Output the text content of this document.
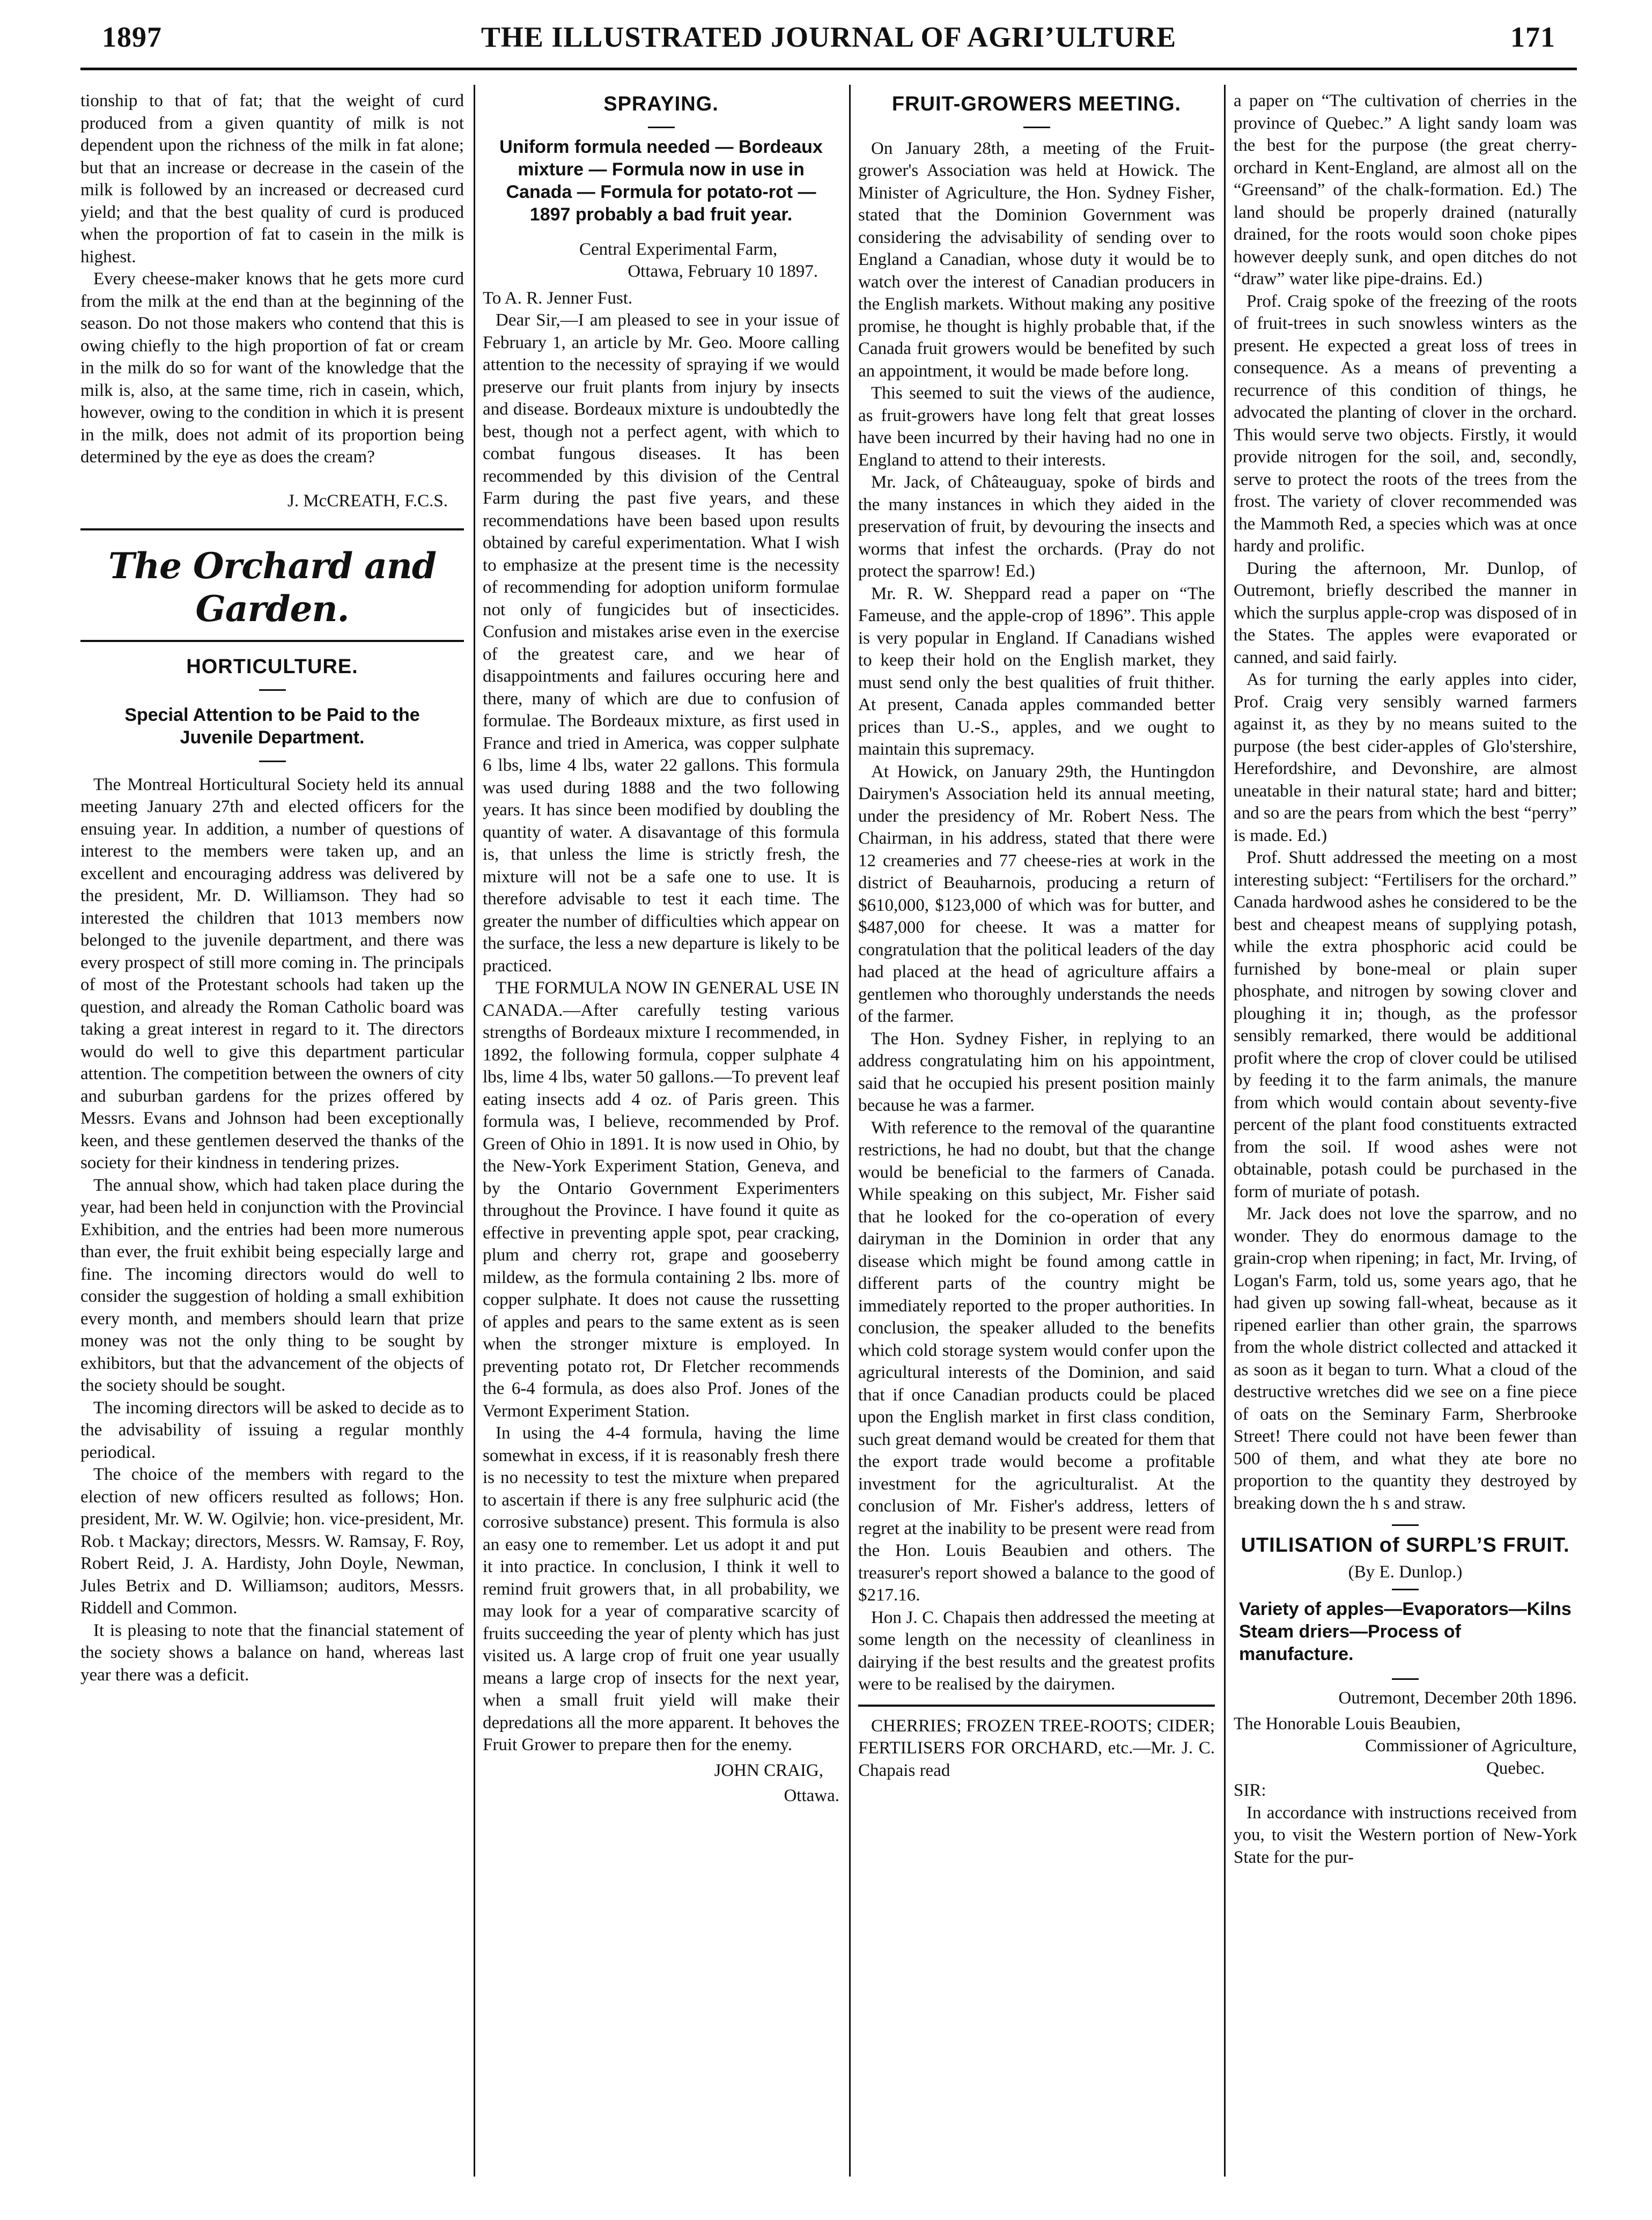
1897	THE ILLUSTRATED JOURNAL OF AGRI’ULTURE	171

tionship to that of fat; that the weight of curd produced from a given quantity of milk is not dependent upon the richness of the milk in fat alone; but that an increase or decrease in the casein of the milk is followed by an increased or decreased curd yield; and that the best quality of curd is produced when the proportion of fat to casein in the milk is highest.

Every cheese-maker knows that he gets more curd from the milk at the end than at the beginning of the season. Do not those makers who contend that this is owing chiefly to the high proportion of fat or cream in the milk do so for want of the knowledge that the milk is, also, at the same time, rich in casein, which, however, owing to the condition in which it is present in the milk, does not admit of its proportion being determined by the eye as does the cream?

J. McCREATH, F.C.S.

The Orchard and Garden.
HORTICULTURE.
Special Attention to be Paid to the Juvenile Department.

The Montreal Horticultural Society held its annual meeting January 27th and elected officers for the ensuing year. In addition, a number of questions of interest to the members were taken up, and an excellent and encouraging address was delivered by the president, Mr. D. Williamson. They had so interested the children that 1013 members now belonged to the juvenile department, and there was every prospect of still more coming in. The principals of most of the Protestant schools had taken up the question, and already the Roman Catholic board was taking a great interest in regard to it. The directors would do well to give this department particular attention. The competition between the owners of city and suburban gardens for the prizes offered by Messrs. Evans and Johnson had been exceptionally keen, and these gentlemen deserved the thanks of the society for their kindness in tendering prizes.

The annual show, which had taken place during the year, had been held in conjunction with the Provincial Exhibition, and the entries had been more numerous than ever, the fruit exhibit being especially large and fine. The incoming directors would do well to consider the suggestion of holding a small exhibition every month, and members should learn that prize money was not the only thing to be sought by exhibitors, but that the advancement of the objects of the society should be sought.

The incoming directors will be asked to decide as to the advisability of issuing a regular monthly periodical.

The choice of the members with regard to the election of new officers resulted as follows; Hon. president, Mr. W. W. Ogilvie; hon. vice-president, Mr. Rob. t Mackay; directors, Messrs. W. Ramsay, F. Roy, Robert Reid, J. A. Hardisty, John Doyle, Newman, Jules Betrix and D. Williamson; auditors, Messrs. Riddell and Common.

It is pleasing to note that the financial statement of the society shows a balance on hand, whereas last year there was a deficit.

SPRAYING.
Uniform formula needed — Bordeaux mixture — Formula now in use in Canada — Formula for potato-rot — 1897 probably a bad fruit year.

Central Experimental Farm,

Ottawa, February 10 1897.

To A. R. Jenner Fust.

Dear Sir,—I am pleased to see in your issue of February 1, an article by Mr. Geo. Moore calling attention to the necessity of spraying if we would preserve our fruit plants from injury by insects and disease. Bordeaux mixture is undoubtedly the best, though not a perfect agent, with which to combat fungous diseases. It has been recommended by this division of the Central Farm during the past five years, and these recommendations have been based upon results obtained by careful experimentation. What I wish to emphasize at the present time is the necessity of recommending for adoption uniform formulae not only of fungicides but of insecticides. Confusion and mistakes arise even in the exercise of the greatest care, and we hear of disappointments and failures occuring here and there, many of which are due to confusion of formulae. The Bordeaux mixture, as first used in France and tried in America, was copper sulphate 6 lbs, lime 4 lbs, water 22 gallons. This formula was used during 1888 and the two following years. It has since been modified by doubling the quantity of water. A disavantage of this formula is, that unless the lime is strictly fresh, the mixture will not be a safe one to use. It is therefore advisable to test it each time. The greater the number of difficulties which appear on the surface, the less a new departure is likely to be practiced.

THE FORMULA NOW IN GENERAL USE IN CANADA.—After carefully testing various strengths of Bordeaux mixture I recommended, in 1892, the following formula, copper sulphate 4 lbs, lime 4 lbs, water 50 gallons.—To prevent leaf eating insects add 4 oz. of Paris green. This formula was, I believe, recommended by Prof. Green of Ohio in 1891. It is now used in Ohio, by the New-York Experiment Station, Geneva, and by the Ontario Government Experimenters throughout the Province. I have found it quite as effective in preventing apple spot, pear cracking, plum and cherry rot, grape and gooseberry mildew, as the formula containing 2 lbs. more of copper sulphate. It does not cause the russetting of apples and pears to the same extent as is seen when the stronger mixture is employed. In preventing potato rot, Dr Fletcher recommends the 6-4 formula, as does also Prof. Jones of the Vermont Experiment Station.

In using the 4-4 formula, having the lime somewhat in excess, if it is reasonably fresh there is no necessity to test the mixture when prepared to ascertain if there is any free sulphuric acid (the corrosive substance) present. This formula is also an easy one to remember. Let us adopt it and put it into practice. In conclusion, I think it well to remind fruit growers that, in all probability, we may look for a year of comparative scarcity of fruits succeeding the year of plenty which has just visited us. A large crop of fruit one year usually means a large crop of insects for the next year, when a small fruit yield will make their depredations all the more apparent. It behoves the Fruit Grower to prepare then for the enemy.

JOHN CRAIG,

Ottawa.

FRUIT-GROWERS MEETING.

On January 28th, a meeting of the Fruit-grower's Association was held at Howick. The Minister of Agriculture, the Hon. Sydney Fisher, stated that the Dominion Government was considering the advisability of sending over to England a Canadian, whose duty it would be to watch over the interest of Canadian producers in the English markets. Without making any positive promise, he thought is highly probable that, if the Canada fruit growers would be benefited by such an appointment, it would be made before long.

This seemed to suit the views of the audience, as fruit-growers have long felt that great losses have been incurred by their having had no one in England to attend to their interests.

Mr. Jack, of Châteauguay, spoke of birds and the many instances in which they aided in the preservation of fruit, by devouring the insects and worms that infest the orchards. (Pray do not protect the sparrow! Ed.)

Mr. R. W. Sheppard read a paper on “The Fameuse, and the apple-crop of 1896”. This apple is very popular in England. If Canadians wished to keep their hold on the English market, they must send only the best qualities of fruit thither. At present, Canada apples commanded better prices than U.-S., apples, and we ought to maintain this supremacy.

At Howick, on January 29th, the Huntingdon Dairymen's Association held its annual meeting, under the presidency of Mr. Robert Ness. The Chairman, in his address, stated that there were 12 creameries and 77 cheese-ries at work in the district of Beauharnois, producing a return of $610,000, $123,000 of which was for butter, and $487,000 for cheese. It was a matter for congratulation that the political leaders of the day had placed at the head of agriculture affairs a gentlemen who thoroughly understands the needs of the farmer.

The Hon. Sydney Fisher, in replying to an address congratulating him on his appointment, said that he occupied his present position mainly because he was a farmer.

With reference to the removal of the quarantine restrictions, he had no doubt, but that the change would be beneficial to the farmers of Canada. While speaking on this subject, Mr. Fisher said that he looked for the co-operation of every dairyman in the Dominion in order that any disease which might be found among cattle in different parts of the country might be immediately reported to the proper authorities. In conclusion, the speaker alluded to the benefits which cold storage system would confer upon the agricultural interests of the Dominion, and said that if once Canadian products could be placed upon the English market in first class condition, such great demand would be created for them that the export trade would become a profitable investment for the agriculturalist. At the conclusion of Mr. Fisher's address, letters of regret at the inability to be present were read from the Hon. Louis Beaubien and others. The treasurer's report showed a balance to the good of $217.16.

Hon J. C. Chapais then addressed the meeting at some length on the necessity of cleanliness in dairying if the best results and the greatest profits were to be realised by the dairymen.

CHERRIES; FROZEN TREE-ROOTS; CIDER; FERTILISERS FOR ORCHARD, etc.—Mr. J. C. Chapais read

a paper on “The cultivation of cherries in the province of Quebec.” A light sandy loam was the best for the purpose (the great cherry-orchard in Kent-England, are almost all on the “Greensand” of the chalk-formation. Ed.) The land should be properly drained (naturally drained, for the roots would soon choke pipes however deeply sunk, and open ditches do not “draw” water like pipe-drains. Ed.)

Prof. Craig spoke of the freezing of the roots of fruit-trees in such snowless winters as the present. He expected a great loss of trees in consequence. As a means of preventing a recurrence of this condition of things, he advocated the planting of clover in the orchard. This would serve two objects. Firstly, it would provide nitrogen for the soil, and, secondly, serve to protect the roots of the trees from the frost. The variety of clover recommended was the Mammoth Red, a species which was at once hardy and prolific.

During the afternoon, Mr. Dunlop, of Outremont, briefly described the manner in which the surplus apple-crop was disposed of in the States. The apples were evaporated or canned, and said fairly.

As for turning the early apples into cider, Prof. Craig very sensibly warned farmers against it, as they by no means suited to the purpose (the best cider-apples of Glo'stershire, Herefordshire, and Devonshire, are almost uneatable in their natural state; hard and bitter; and so are the pears from which the best “perry” is made. Ed.)

Prof. Shutt addressed the meeting on a most interesting subject: “Fertilisers for the orchard.” Canada hardwood ashes he considered to be the best and cheapest means of supplying potash, while the extra phosphoric acid could be furnished by bone-meal or plain super phosphate, and nitrogen by sowing clover and ploughing it in; though, as the professor sensibly remarked, there would be additional profit where the crop of clover could be utilised by feeding it to the farm animals, the manure from which would contain about seventy-five percent of the plant food constituents extracted from the soil. If wood ashes were not obtainable, potash could be purchased in the form of muriate of potash.

Mr. Jack does not love the sparrow, and no wonder. They do enormous damage to the grain-crop when ripening; in fact, Mr. Irving, of Logan's Farm, told us, some years ago, that he had given up sowing fall-wheat, because as it ripened earlier than other grain, the sparrows from the whole district collected and attacked it as soon as it began to turn. What a cloud of the destructive wretches did we see on a fine piece of oats on the Seminary Farm, Sherbrooke Street! There could not have been fewer than 500 of them, and what they ate bore no proportion to the quantity they destroyed by breaking down the h s and straw.

UTILISATION of SURPL’S FRUIT.

(By E. Dunlop.)

Variety of apples—Evaporators—Kilns Steam driers—Process of manufacture.

Outremont, December 20th 1896.

The Honorable Louis Beaubien,

Commissioner of Agriculture,

Quebec.

SIR:

In accordance with instructions received from you, to visit the Western portion of New-York State for the pur-
